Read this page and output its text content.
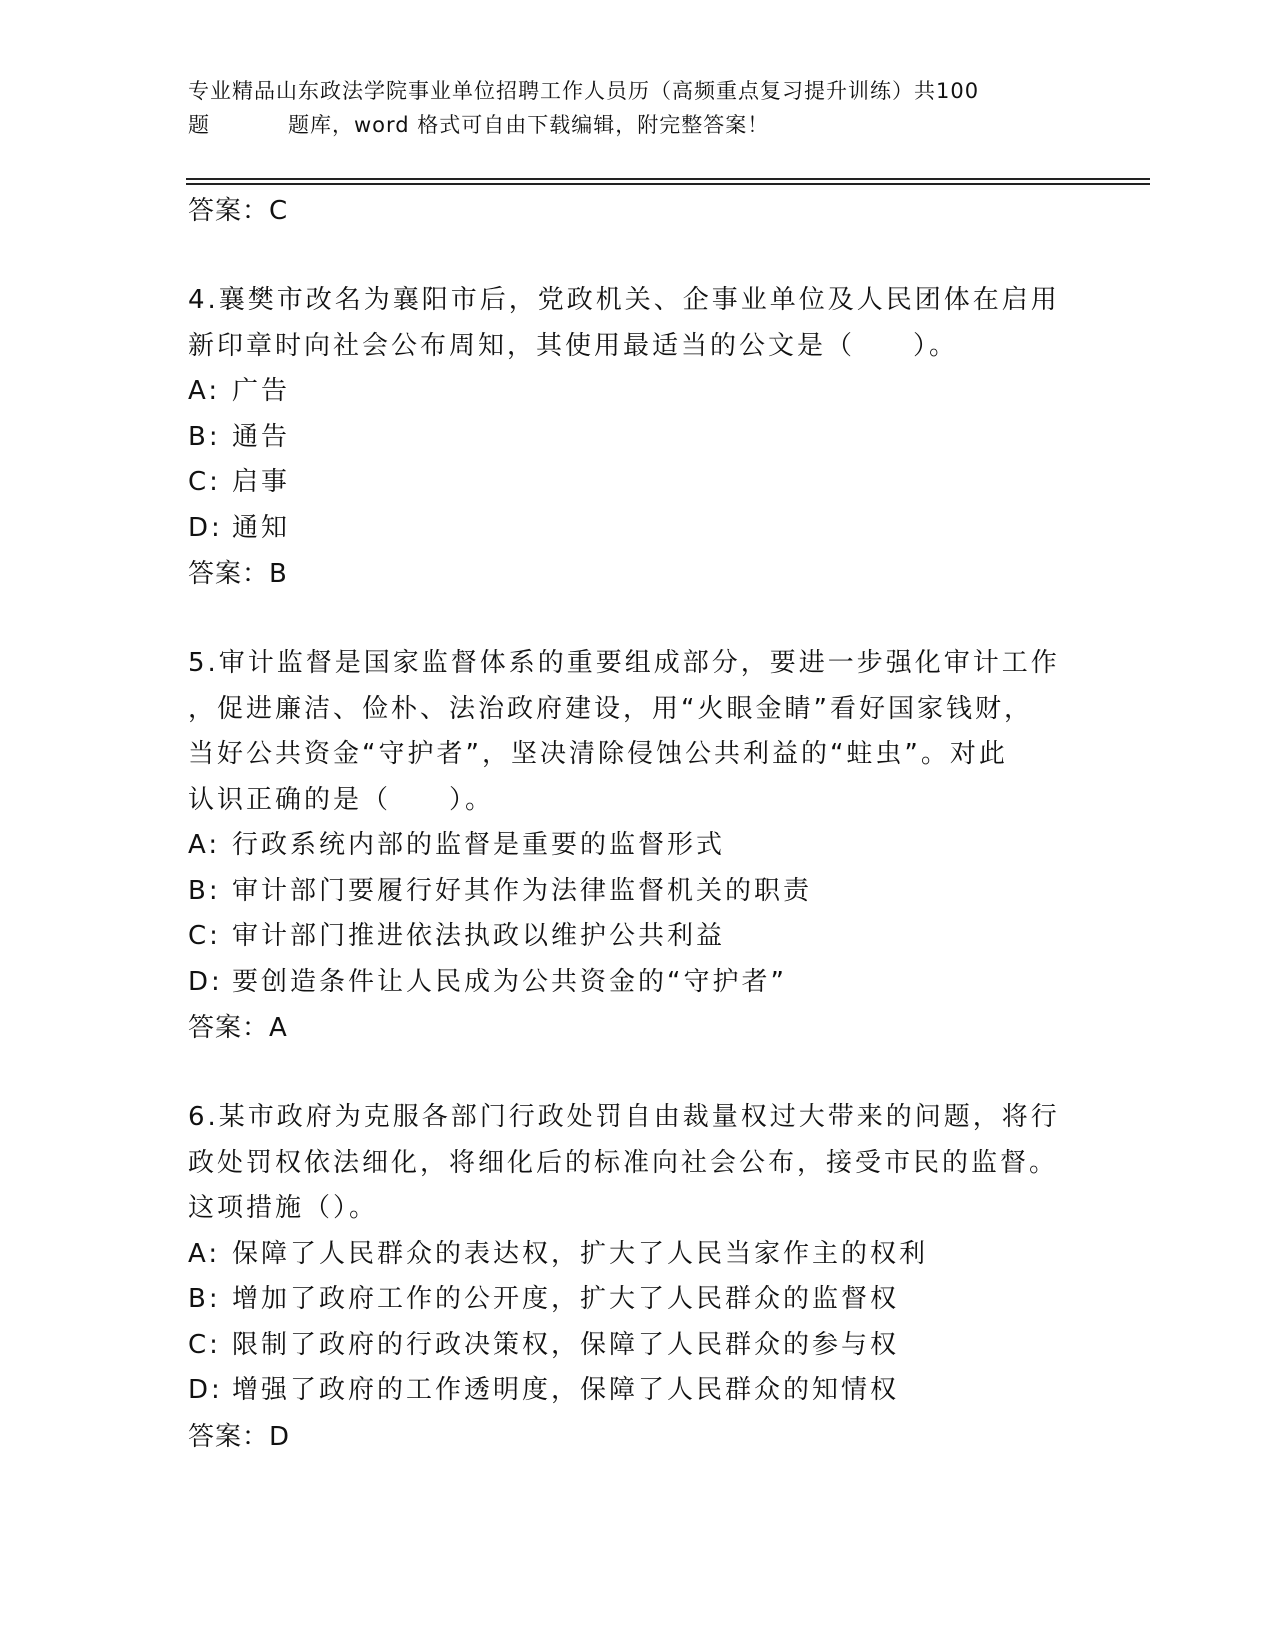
专业精品山东政法学院事业单位招聘工作人员历（高频重点复习提升训练）共100
题	题库，word 格式可自由下载编辑，附完整答案！
答案：C
4.襄樊市改名为襄阳市后，党政机关、企事业单位及人民团体在启用
新印章时向社会公布周知，其使用最适当的公文是（　　）。
A: 广告
B: 通告
C: 启事
D: 通知
答案：B
5.审计监督是国家监督体系的重要组成部分，要进一步强化审计工作
，促进廉洁、俭朴、法治政府建设，用“火眼金睛”看好国家钱财，
当好公共资金“守护者”，坚决清除侵蚀公共利益的“蛀虫”。对此
认识正确的是（　　）。
A: 行政系统内部的监督是重要的监督形式
B: 审计部门要履行好其作为法律监督机关的职责
C: 审计部门推进依法执政以维护公共利益
D: 要创造条件让人民成为公共资金的“守护者”
答案：A
6.某市政府为克服各部门行政处罚自由裁量权过大带来的问题，将行
政处罚权依法细化，将细化后的标准向社会公布，接受市民的监督。
这项措施（）。
A: 保障了人民群众的表达权，扩大了人民当家作主的权利
B: 增加了政府工作的公开度，扩大了人民群众的监督权
C: 限制了政府的行政决策权，保障了人民群众的参与权
D: 增强了政府的工作透明度，保障了人民群众的知情权
答案：D
